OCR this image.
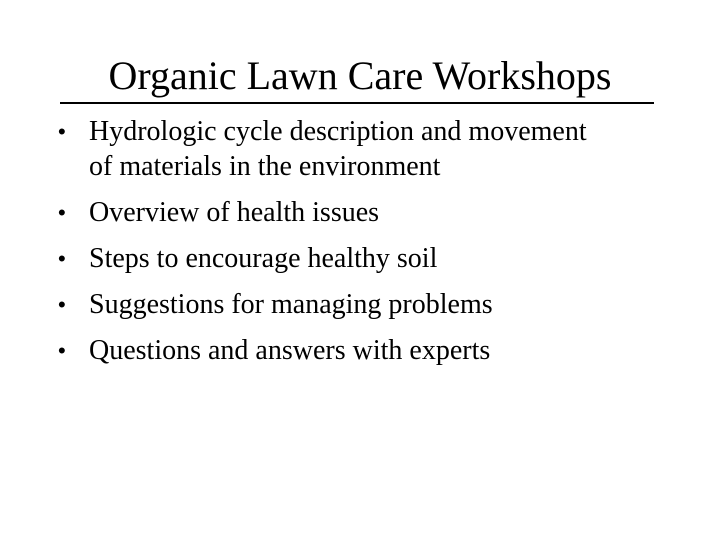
Organic Lawn Care Workshops
• Hydrologic cycle description and movement
of materials in the environment
• Overview of health issues
• Steps to encourage healthy soil
• Suggestions for managing problems
• Questions and answers with experts
